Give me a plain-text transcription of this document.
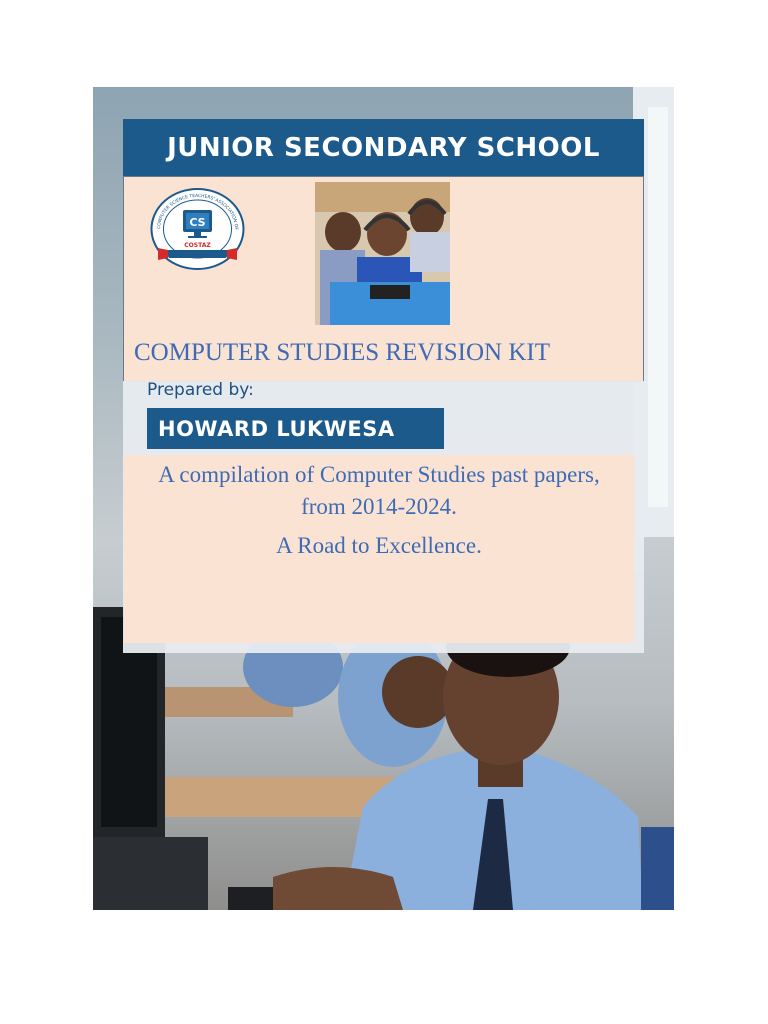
JUNIOR SECONDARY SCHOOL
CS
COSTAZ
COMPUTER SCIENCE TEACHERS' ASSOCIATION OF
COMPUTER STUDIES REVISION KIT
Prepared by:
HOWARD LUKWESA

A compilation of Computer Studies past papers, from 2014-2024.

A Road to Excellence.
